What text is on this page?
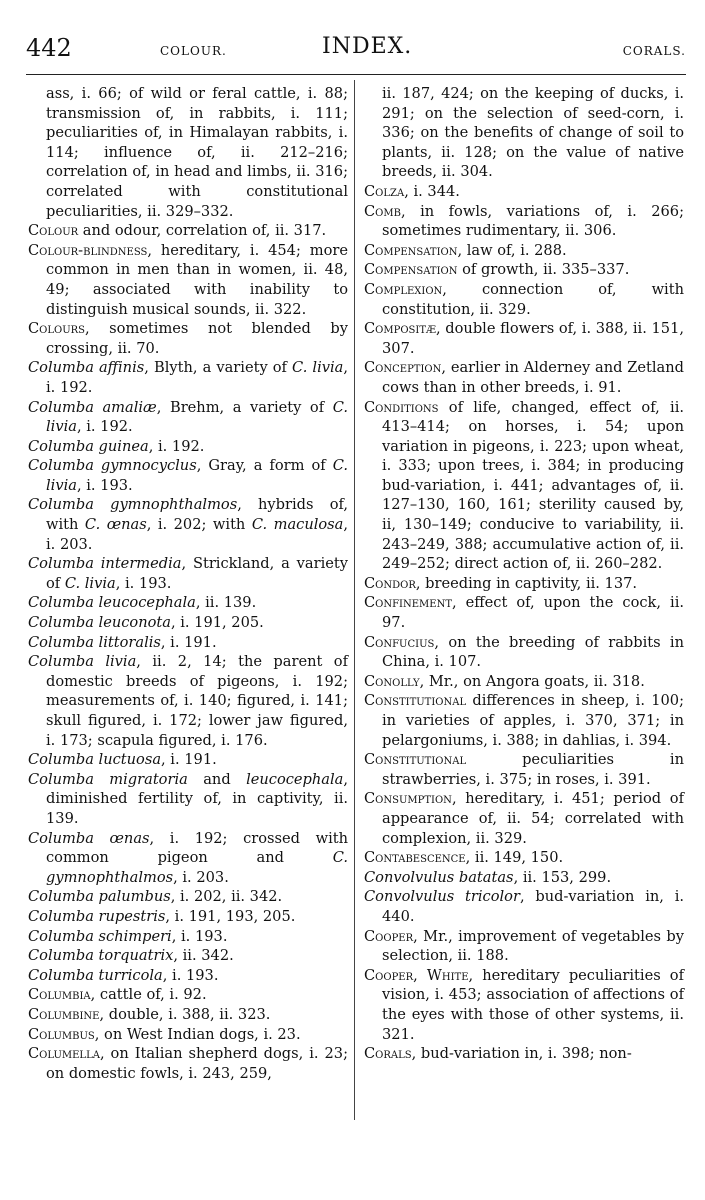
442	COLOUR.	INDEX.	CORALS.
ass, i. 66; of wild or feral cattle, i. 88; transmission of, in rabbits, i. 111; peculiarities of, in Himalayan rabbits, i. 114; influence of, ii. 212–216; correlation of, in head and limbs, ii. 316; correlated with constitutional peculiarities, ii. 329–332.
Colour and odour, correlation of, ii. 317.
Colour-blindness, hereditary, i. 454; more common in men than in women, ii. 48, 49; associated with inability to distinguish musical sounds, ii. 322.
Colours, sometimes not blended by crossing, ii. 70.
Columba affinis, Blyth, a variety of C. livia, i. 192.
Columba amaliæ, Brehm, a variety of C. livia, i. 192.
Columba guinea, i. 192.
Columba gymnocyclus, Gray, a form of C. livia, i. 193.
Columba gymnophthalmos, hybrids of, with C. œnas, i. 202; with C. maculosa, i. 203.
Columba intermedia, Strickland, a variety of C. livia, i. 193.
Columba leucocephala, ii. 139.
Columba leuconota, i. 191, 205.
Columba littoralis, i. 191.
Columba livia, ii. 2, 14; the parent of domestic breeds of pigeons, i. 192; measurements of, i. 140; figured, i. 141; skull figured, i. 172; lower jaw figured, i. 173; scapula figured, i. 176.
Columba luctuosa, i. 191.
Columba migratoria and leucocephala, diminished fertility of, in captivity, ii. 139.
Columba œnas, i. 192; crossed with common pigeon and C. gymnophthalmos, i. 203.
Columba palumbus, i. 202, ii. 342.
Columba rupestris, i. 191, 193, 205.
Columba schimperi, i. 193.
Columba torquatrix, ii. 342.
Columba turricola, i. 193.
Columbia, cattle of, i. 92.
Columbine, double, i. 388, ii. 323.
Columbus, on West Indian dogs, i. 23.
Columella, on Italian shepherd dogs, i. 23; on domestic fowls, i. 243, 259,
ii. 187, 424; on the keeping of ducks, i. 291; on the selection of seed-corn, i. 336; on the benefits of change of soil to plants, ii. 128; on the value of native breeds, ii. 304.
Colza, i. 344.
Comb, in fowls, variations of, i. 266; sometimes rudimentary, ii. 306.
Compensation, law of, i. 288.
Compensation of growth, ii. 335–337.
Complexion, connection of, with constitution, ii. 329.
Compositæ, double flowers of, i. 388, ii. 151, 307.
Conception, earlier in Alderney and Zetland cows than in other breeds, i. 91.
Conditions of life, changed, effect of, ii. 413–414; on horses, i. 54; upon variation in pigeons, i. 223; upon wheat, i. 333; upon trees, i. 384; in producing bud-variation, i. 441; advantages of, ii. 127–130, 160, 161; sterility caused by, ii, 130–149; conducive to variability, ii. 243–249, 388; accumulative action of, ii. 249–252; direct action of, ii. 260–282.
Condor, breeding in captivity, ii. 137.
Confinement, effect of, upon the cock, ii. 97.
Confucius, on the breeding of rabbits in China, i. 107.
Conolly, Mr., on Angora goats, ii. 318.
Constitutional differences in sheep, i. 100; in varieties of apples, i. 370, 371; in pelargoniums, i. 388; in dahlias, i. 394.
Constitutional peculiarities in strawberries, i. 375; in roses, i. 391.
Consumption, hereditary, i. 451; period of appearance of, ii. 54; correlated with complexion, ii. 329.
Contabescence, ii. 149, 150.
Convolvulus batatas, ii. 153, 299.
Convolvulus tricolor, bud-variation in, i. 440.
Cooper, Mr., improvement of vegetables by selection, ii. 188.
Cooper, White, hereditary peculiarities of vision, i. 453; association of affections of the eyes with those of other systems, ii. 321.
Corals, bud-variation in, i. 398; non-
